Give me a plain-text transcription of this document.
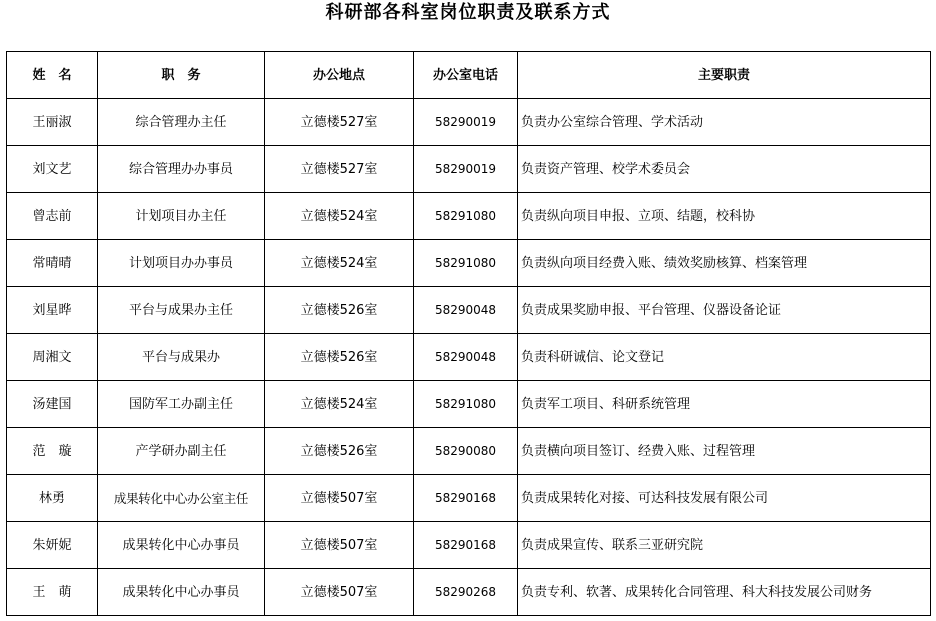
科研部各科室岗位职责及联系方式
姓　名	职　务	办公地点	办公室电话	主要职责
王丽淑	综合管理办主任	立德楼527室	58290019	负责办公室综合管理、学术活动
刘文艺	综合管理办办事员	立德楼527室	58290019	负责资产管理、校学术委员会
曾志前	计划项目办主任	立德楼524室	58291080	负责纵向项目申报、立项、结题，校科协
常晴晴	计划项目办办事员	立德楼524室	58291080	负责纵向项目经费入账、绩效奖励核算、档案管理
刘星晔	平台与成果办主任	立德楼526室	58290048	负责成果奖励申报、平台管理、仪器设备论证
周湘文	平台与成果办	立德楼526室	58290048	负责科研诚信、论文登记
汤建国	国防军工办副主任	立德楼524室	58291080	负责军工项目、科研系统管理
范　璇	产学研办副主任	立德楼526室	58290080	负责横向项目签订、经费入账、过程管理
林勇	成果转化中心办公室主任	立德楼507室	58290168	负责成果转化对接、可达科技发展有限公司
朱妍妮	成果转化中心办事员	立德楼507室	58290168	负责成果宣传、联系三亚研究院
王　萌	成果转化中心办事员	立德楼507室	58290268	负责专利、软著、成果转化合同管理、科大科技发展公司财务
